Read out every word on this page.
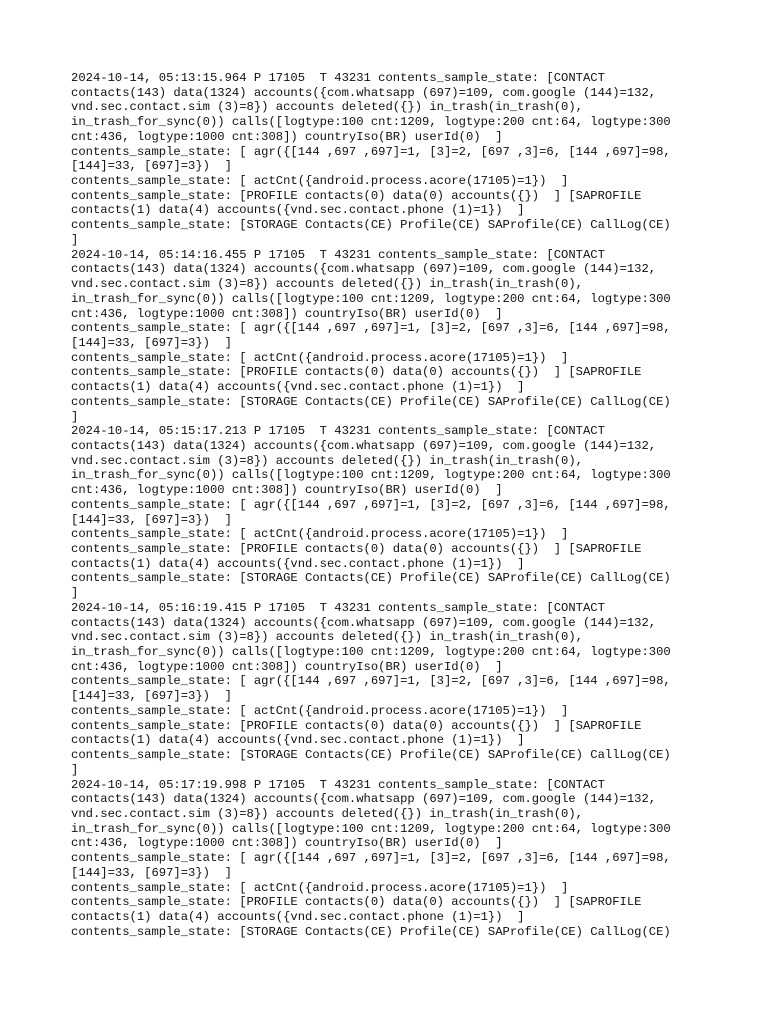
2024-10-14, 05:13:15.964 P 17105  T 43231 contents_sample_state: [CONTACT
contacts(143) data(1324) accounts({com.whatsapp (697)=109, com.google (144)=132,
vnd.sec.contact.sim (3)=8}) accounts deleted({}) in_trash(in_trash(0),
in_trash_for_sync(0)) calls([logtype:100 cnt:1209, logtype:200 cnt:64, logtype:300
cnt:436, logtype:1000 cnt:308]) countryIso(BR) userId(0)  ]
contents_sample_state: [ agr({[144 ,697 ,697]=1, [3]=2, [697 ,3]=6, [144 ,697]=98,
[144]=33, [697]=3})  ]
contents_sample_state: [ actCnt({android.process.acore(17105)=1})  ]
contents_sample_state: [PROFILE contacts(0) data(0) accounts({})  ] [SAPROFILE
contacts(1) data(4) accounts({vnd.sec.contact.phone (1)=1})  ]
contents_sample_state: [STORAGE Contacts(CE) Profile(CE) SAProfile(CE) CallLog(CE)
]
2024-10-14, 05:14:16.455 P 17105  T 43231 contents_sample_state: [CONTACT
contacts(143) data(1324) accounts({com.whatsapp (697)=109, com.google (144)=132,
vnd.sec.contact.sim (3)=8}) accounts deleted({}) in_trash(in_trash(0),
in_trash_for_sync(0)) calls([logtype:100 cnt:1209, logtype:200 cnt:64, logtype:300
cnt:436, logtype:1000 cnt:308]) countryIso(BR) userId(0)  ]
contents_sample_state: [ agr({[144 ,697 ,697]=1, [3]=2, [697 ,3]=6, [144 ,697]=98,
[144]=33, [697]=3})  ]
contents_sample_state: [ actCnt({android.process.acore(17105)=1})  ]
contents_sample_state: [PROFILE contacts(0) data(0) accounts({})  ] [SAPROFILE
contacts(1) data(4) accounts({vnd.sec.contact.phone (1)=1})  ]
contents_sample_state: [STORAGE Contacts(CE) Profile(CE) SAProfile(CE) CallLog(CE)
]
2024-10-14, 05:15:17.213 P 17105  T 43231 contents_sample_state: [CONTACT
contacts(143) data(1324) accounts({com.whatsapp (697)=109, com.google (144)=132,
vnd.sec.contact.sim (3)=8}) accounts deleted({}) in_trash(in_trash(0),
in_trash_for_sync(0)) calls([logtype:100 cnt:1209, logtype:200 cnt:64, logtype:300
cnt:436, logtype:1000 cnt:308]) countryIso(BR) userId(0)  ]
contents_sample_state: [ agr({[144 ,697 ,697]=1, [3]=2, [697 ,3]=6, [144 ,697]=98,
[144]=33, [697]=3})  ]
contents_sample_state: [ actCnt({android.process.acore(17105)=1})  ]
contents_sample_state: [PROFILE contacts(0) data(0) accounts({})  ] [SAPROFILE
contacts(1) data(4) accounts({vnd.sec.contact.phone (1)=1})  ]
contents_sample_state: [STORAGE Contacts(CE) Profile(CE) SAProfile(CE) CallLog(CE)
]
2024-10-14, 05:16:19.415 P 17105  T 43231 contents_sample_state: [CONTACT
contacts(143) data(1324) accounts({com.whatsapp (697)=109, com.google (144)=132,
vnd.sec.contact.sim (3)=8}) accounts deleted({}) in_trash(in_trash(0),
in_trash_for_sync(0)) calls([logtype:100 cnt:1209, logtype:200 cnt:64, logtype:300
cnt:436, logtype:1000 cnt:308]) countryIso(BR) userId(0)  ]
contents_sample_state: [ agr({[144 ,697 ,697]=1, [3]=2, [697 ,3]=6, [144 ,697]=98,
[144]=33, [697]=3})  ]
contents_sample_state: [ actCnt({android.process.acore(17105)=1})  ]
contents_sample_state: [PROFILE contacts(0) data(0) accounts({})  ] [SAPROFILE
contacts(1) data(4) accounts({vnd.sec.contact.phone (1)=1})  ]
contents_sample_state: [STORAGE Contacts(CE) Profile(CE) SAProfile(CE) CallLog(CE)
]
2024-10-14, 05:17:19.998 P 17105  T 43231 contents_sample_state: [CONTACT
contacts(143) data(1324) accounts({com.whatsapp (697)=109, com.google (144)=132,
vnd.sec.contact.sim (3)=8}) accounts deleted({}) in_trash(in_trash(0),
in_trash_for_sync(0)) calls([logtype:100 cnt:1209, logtype:200 cnt:64, logtype:300
cnt:436, logtype:1000 cnt:308]) countryIso(BR) userId(0)  ]
contents_sample_state: [ agr({[144 ,697 ,697]=1, [3]=2, [697 ,3]=6, [144 ,697]=98,
[144]=33, [697]=3})  ]
contents_sample_state: [ actCnt({android.process.acore(17105)=1})  ]
contents_sample_state: [PROFILE contacts(0) data(0) accounts({})  ] [SAPROFILE
contacts(1) data(4) accounts({vnd.sec.contact.phone (1)=1})  ]
contents_sample_state: [STORAGE Contacts(CE) Profile(CE) SAProfile(CE) CallLog(CE)
